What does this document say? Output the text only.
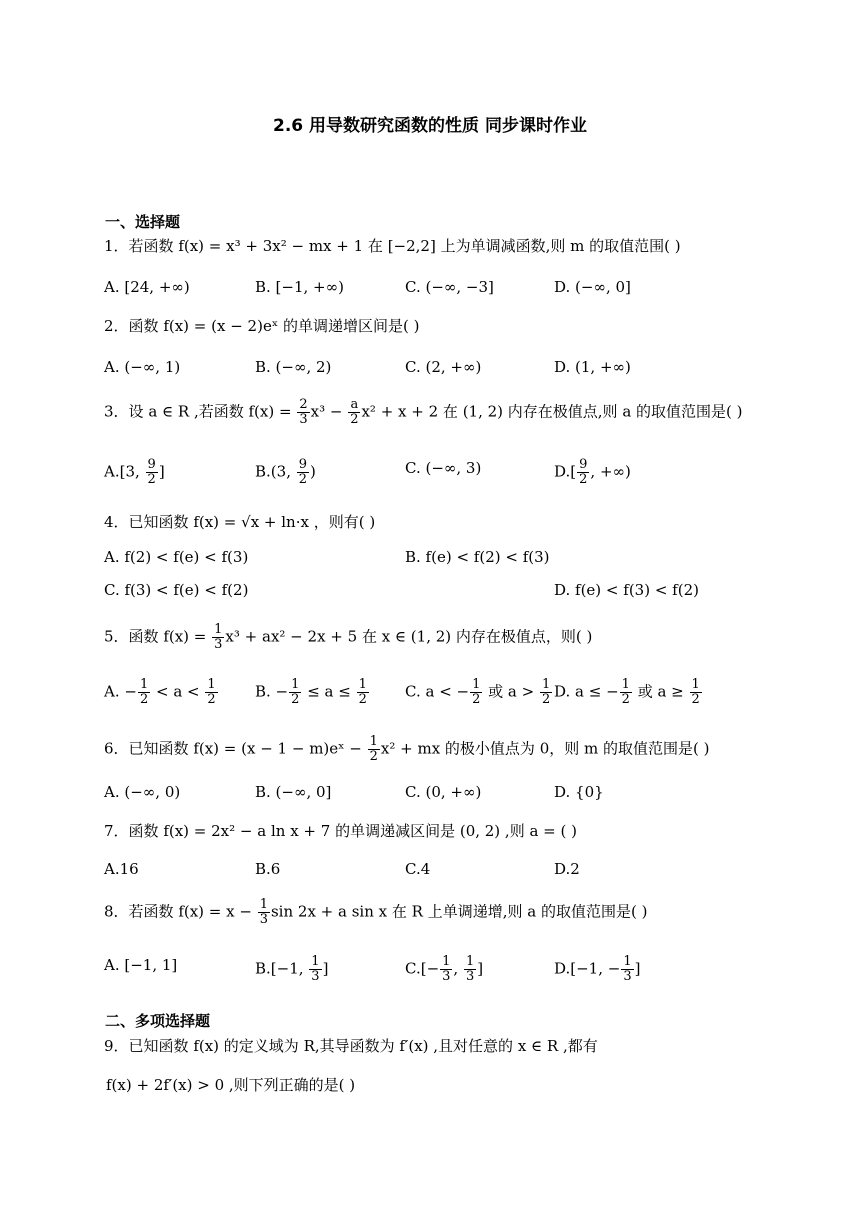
2.6 用导数研究函数的性质 同步课时作业
一、选择题
1．若函数 f(x) = x³ + 3x² − mx + 1 在 [−2,2] 上为单调减函数,则 m 的取值范围( )
A. [24, +∞)	B. [−1, +∞)	C. (−∞, −3]	D. (−∞, 0]
2．函数 f(x) = (x − 2)eˣ 的单调递增区间是( )
A. (−∞, 1)	B. (−∞, 2)	C. (2, +∞)	D. (1, +∞)
3．设 a ∈ R ,若函数 $f(x) = \frac{2}{3} x^3 - \frac{a}{2} x^2 + x + 2$ 在 (1, 2) 内存在极值点,则 a 的取值范围是( )
A.[3, $\frac{9}{2}$ ]	B.(3, $\frac{9}{2}$ )	C. (−∞, 3)	$D.[ \frac{9}{2}$ , +∞)
4．已知函数 f(x) = √x + ln·x ，则有( )
A. f(2) < f(e) < f(3)	B. f(e) < f(2) < f(3)
C. f(3) < f(e) < f(2)	D. f(e) < f(3) < f(2)
5．函数 $f(x) = \frac{1}{3} x^3 + ax^2 - 2x + 5$ 在 x ∈ (1, 2) 内存在极值点，则( )
A. − $\frac{1}{2} < a < \frac{1}{2} B$. − $\frac{1}{2} \le a \le \frac{1}{2} C$. a < − $\frac{1}{2}$ 或 $a > \frac{1}{2} D$. a ≤ − $\frac{1}{2}$ 或 $a \ge \frac{1}{2}$
6．已知函数 f(x) = (x − 1 − m)eˣ − $\frac{1}{2} x^2$ + mx 的极小值点为 0，则 m 的取值范围是( )
A. (−∞, 0)	B. (−∞, 0]	C. (0, +∞)	D. {0}
7．函数 f(x) = 2x² − a ln x + 7 的单调递减区间是 (0, 2) ,则 a = ( )
A.16	B.6	C.4	D.2
8．若函数 $f(x) = x - \frac{1}{3}$ sin 2x + a sin x 在 R 上单调递增,则 a 的取值范围是( )
A. [−1, 1]	B.[−1, $\frac{1}{3}$ ]	$C.[- \frac{1}{3}$ , $\frac{1}{3}$ ]	D.[−1, − $\frac{1}{3}$ ]
二、多项选择题
9．已知函数 f(x) 的定义域为 R,其导函数为 f′(x) ,且对任意的 x ∈ R ,都有
f(x) + 2f′(x) > 0 ,则下列正确的是( )
